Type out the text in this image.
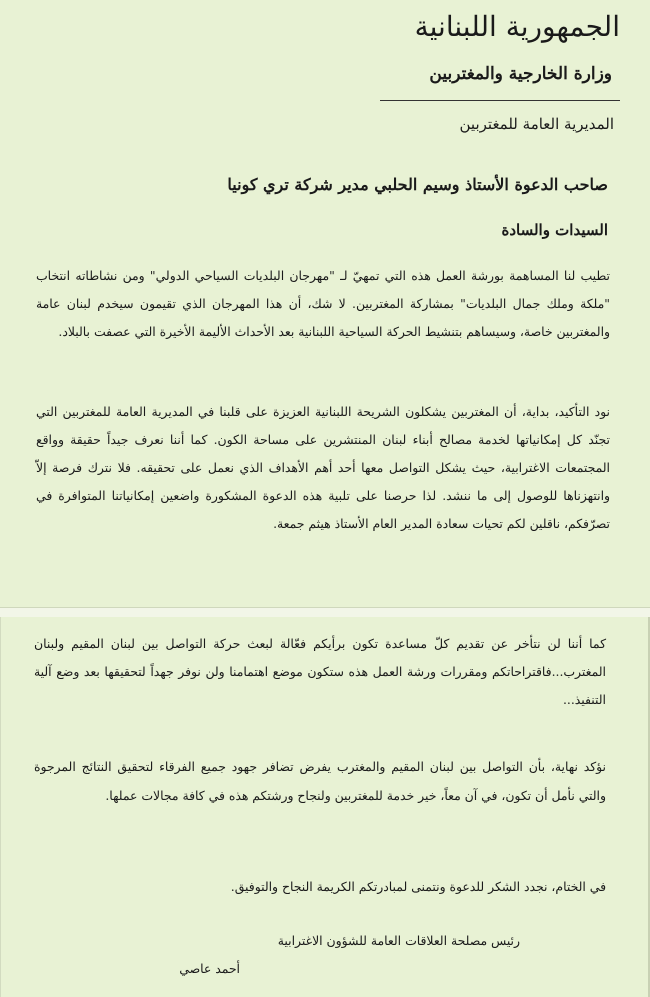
الجمهورية اللبنانية
وزارة الخارجية والمغتربين
المديرية العامة للمغتربين
صاحب الدعوة الأستاذ وسيم الحلبي مدير شركة تري كونيا
السيدات والسادة
تطيب لنا المساهمة بورشة العمل هذه التي تمهيّ لـ "مهرجان البلديات السياحي الدولي" ومن نشاطاته انتخاب "ملكة وملك جمال البلديات" بمشاركة المغتربين. لا شك، أن هذا المهرجان الذي تقيمون سيخدم لبنان عامة والمغتربين خاصة، وسيساهم بتنشيط الحركة السياحية اللبنانية بعد الأحداث الأليمة الأخيرة التي عصفت بالبلاد.
نود التأكيد، بداية، أن المغتربين يشكلون الشريحة اللبنانية العزيزة على قلبنا في المديرية العامة للمغتربين التي تجنّد كل إمكانياتها لخدمة مصالح أبناء لبنان المنتشرين على مساحة الكون. كما أننا نعرف جيداً حقيقة وواقع المجتمعات الاغترابية، حيث يشكل التواصل معها أحد أهم الأهداف الذي نعمل على تحقيقه. فلا نترك فرصة إلاّ وانتهزناها للوصول إلى ما ننشد. لذا حرصنا على تلبية هذه الدعوة المشكورة واضعين إمكانياتنا المتوافرة في تصرّفكم، ناقلين لكم تحيات سعادة المدير العام الأستاذ هيثم جمعة.
كما أننا لن نتأخر عن تقديم كلّ مساعدة تكون برأيكم فعّالة لبعث حركة التواصل بين لبنان المقيم ولبنان المغترب...فاقتراحاتكم ومقررات ورشة العمل هذه ستكون موضع اهتمامنا ولن نوفر جهداً لتحقيقها بعد وضع آلية التنفيذ...
نؤكد نهاية، بأن التواصل بين لبنان المقيم والمغترب يفرض تضافر جهود جميع الفرقاء لتحقيق النتائج المرجوة والتي نأمل أن تكون، في آن معاً، خير خدمة للمغتربين ولنجاح ورشتكم هذه في كافة مجالات عملها.
في الختام، نجدد الشكر للدعوة ونتمنى لمبادرتكم الكريمة النجاح والتوفيق.
رئيس مصلحة العلاقات العامة للشؤون الاغترابية
أحمد عاصي
